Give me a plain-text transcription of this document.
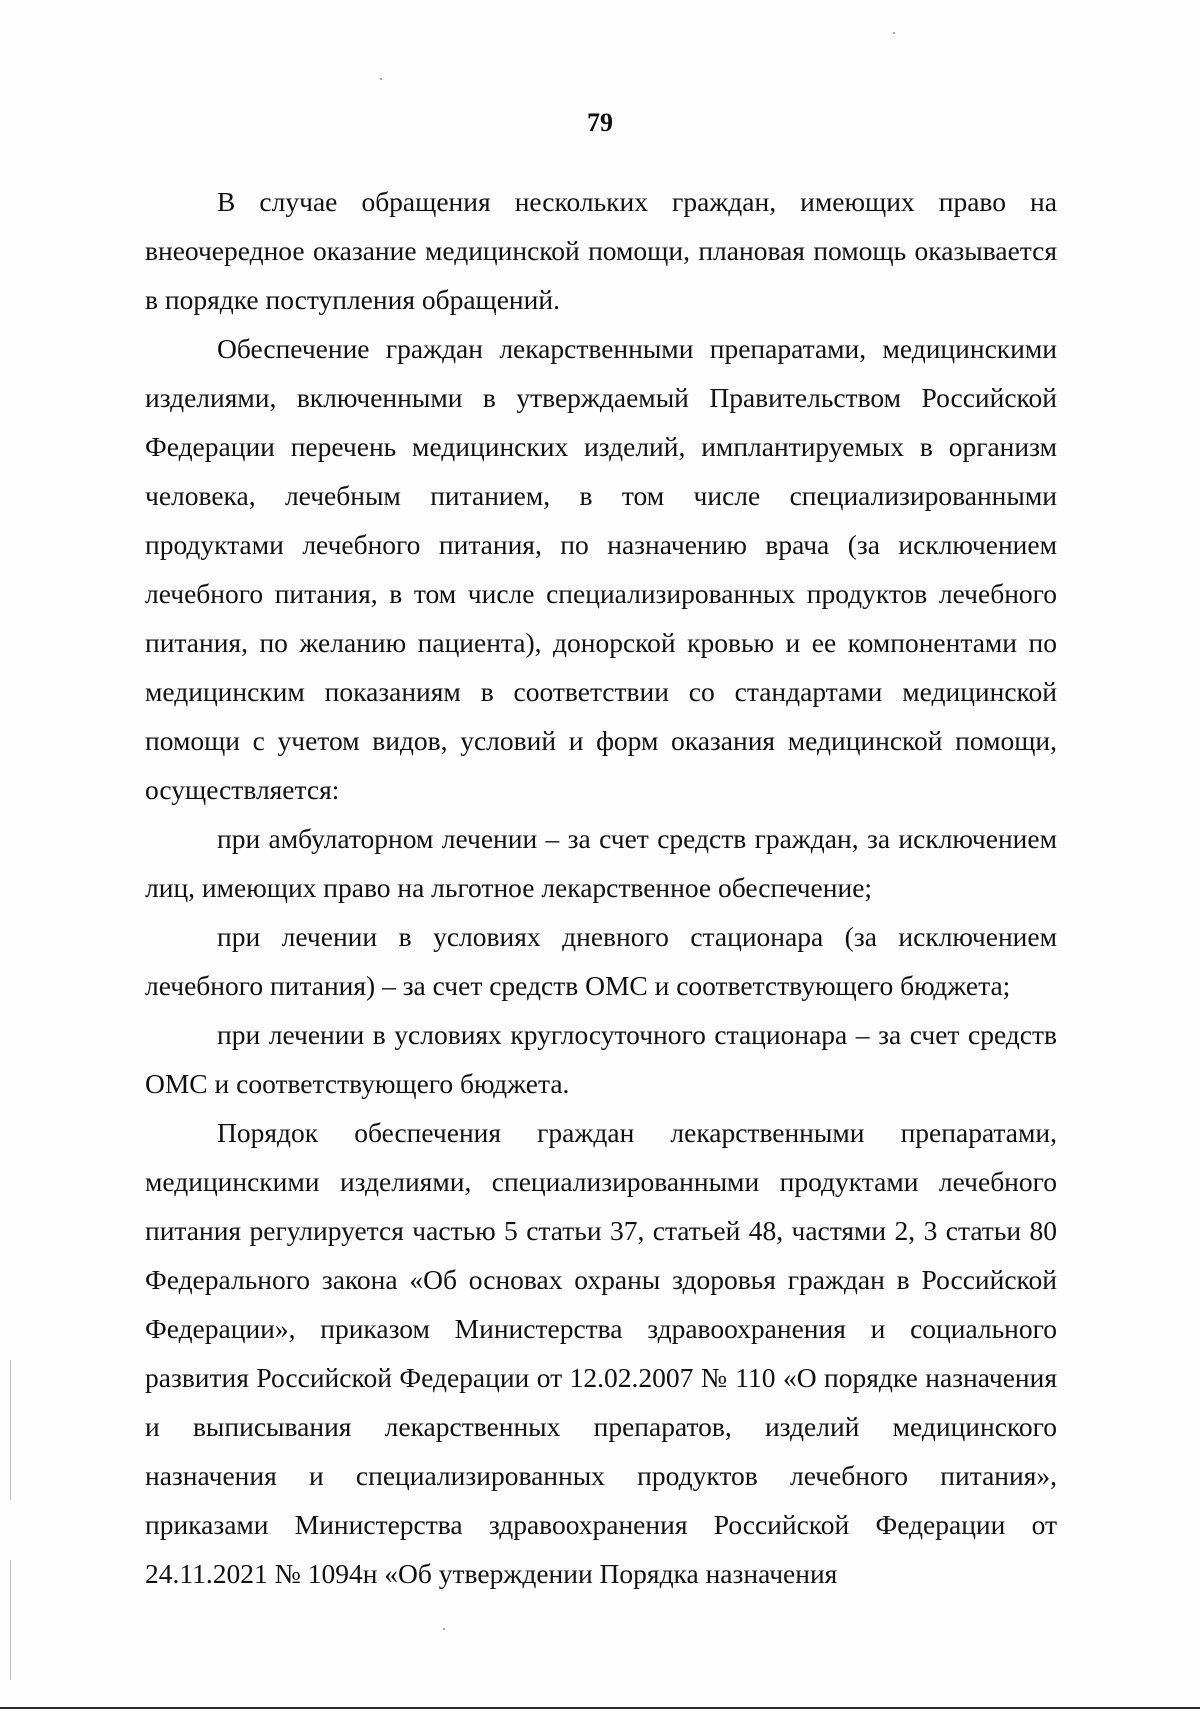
79

В случае обращения нескольких граждан, имеющих право на внеочередное оказание медицинской помощи, плановая помощь оказывается в порядке поступления обращений.

Обеспечение граждан лекарственными препаратами, медицинскими изделиями, включенными в утверждаемый Правительством Российской Федерации перечень медицинских изделий, имплантируемых в организм человека, лечебным питанием, в том числе специализированными продуктами лечебного питания, по назначению врача (за исключением лечебного питания, в том числе специализированных продуктов лечебного питания, по желанию пациента), донорской кровью и ее компонентами по медицинским показаниям в соответствии со стандартами медицинской помощи с учетом видов, условий и форм оказания медицинской помощи, осуществляется:

при амбулаторном лечении – за счет средств граждан, за исключением лиц, имеющих право на льготное лекарственное обеспечение;

при лечении в условиях дневного стационара (за исключением лечебного питания) – за счет средств ОМС и соответствующего бюджета;

при лечении в условиях круглосуточного стационара – за счет средств ОМС и соответствующего бюджета.

Порядок обеспечения граждан лекарственными препаратами, медицинскими изделиями, специализированными продуктами лечебного питания регулируется частью 5 статьи 37, статьей 48, частями 2, 3 статьи 80 Федерального закона «Об основах охраны здоровья граждан в Российской Федерации», приказом Министерства здравоохранения и социального развития Российской Федерации от 12.02.2007 № 110 «О порядке назначения и выписывания лекарственных препаратов, изделий медицинского назначения и специализированных продуктов лечебного питания», приказами Министерства здравоохранения Российской Федерации от 24.11.2021 № 1094н «Об утверждении Порядка назначения
